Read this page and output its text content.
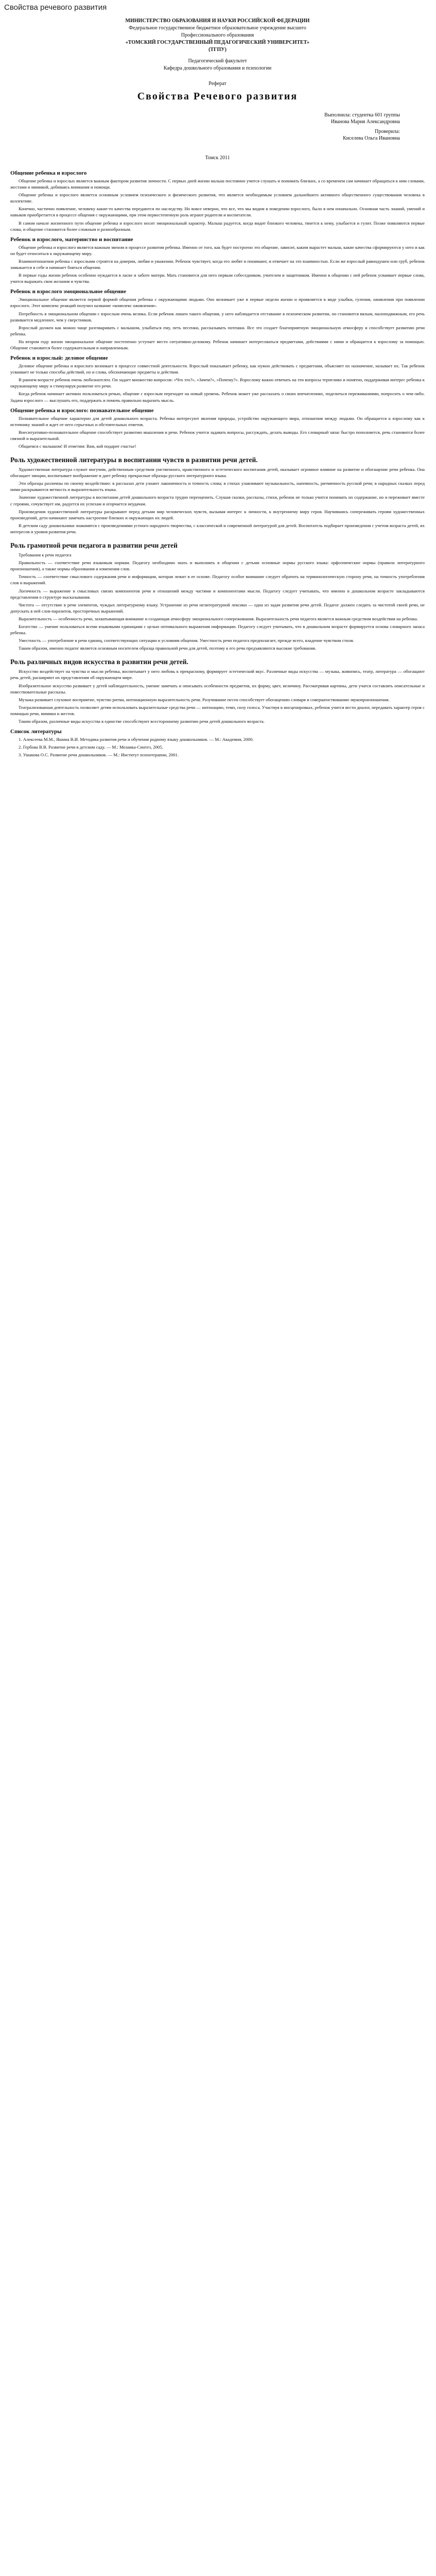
Свойства речевого развития

МИНИСТЕРСТВО ОБРАЗОВАНИЯ И НАУКИ РОССИЙСКОЙ ФЕДЕРАЦИИ

Федеральное государственное бюджетное образовательное учреждение высшего

Профессионального образования

«ТОМСКИЙ ГОСУДАРСТВЕННЫЙ ПЕДАГОГИЧЕСКИЙ УНИВЕРСИТЕТ»

(ТГПУ)

Педагогический факультет

Кафедра дошкольного образования и психологии

Реферат

Свойства Речевого развития

Выполнила: студентка 601 группы

Иванова Мария Александровна

Проверила:

Киселева Ольга Ивановна

Томск 2011

Общение ребенка и взрослого

Общение ребенка и взрослых является важным фактором развития личности. С первых дней жизни малыш постоянно учится слушать и понимать близких, а со временем сам начинает обращаться к ним словами, жестами и мимикой, добиваясь внимания и помощи.

Общение ребенка и взрослого является основным условием психического и физического развития, что является необходимым условием дальнейшего активного общественного существования человека в коллективе.

Конечно, частично появление, человеку какие-то качества передаются по наследству. Но вовсе неверно, что все, что мы видим в поведении взрослого, было в нем изначально. Основная часть знаний, умений и навыков приобретается в процессе общения с окружающими, при этом первостепенную роль играют родители и воспитатели.

В самом начале жизненного пути общение ребенка и взрослого носит эмоциональный характер. Малыш радуется, когда видит близкого человека, тянется к нему, улыбается и гулит. Позже появляются первые слова, и общение становится более сложным и разнообразным.

Ребенок и взрослого, материнство и воспитание

Общение ребенка и взрослого является важным звеном в процессе развития ребенка. Именно от того, как будет построено это общение, зависит, каким вырастет малыш, какие качества сформируются у него и как он будет относиться к окружающему миру.

Взаимоотношения ребенка с взрослыми строятся на доверии, любви и уважении. Ребенок чувствует, когда его любят и понимают, и отвечает на это взаимностью. Если же взрослый равнодушен или груб, ребенок замыкается в себе и начинает бояться общения.

В первые годы жизни ребенок особенно нуждается в ласке и заботе матери. Мать становится для него первым собеседником, учителем и защитником. Именно в общении с ней ребенок усваивает первые слова, учится выражать свои желания и чувства.

Ребенок и взрослого эмоциональное общение

Эмоциональное общение является первой формой общения ребенка с окружающими людьми. Оно возникает уже в первые недели жизни и проявляется в виде улыбки, гуления, оживления при появлении взрослого. Этот комплекс реакций получил название «комплекс оживления».

Потребность в эмоциональном общении с взрослым очень велика. Если ребенок лишен такого общения, у него наблюдается отставание в психическом развитии, он становится вялым, малоподвижным, его речь развивается медленнее, чем у сверстников.

Взрослый должен как можно чаще разговаривать с малышом, улыбаться ему, петь песенки, рассказывать потешки. Все это создает благоприятную эмоциональную атмосферу и способствует развитию речи ребенка.

На втором году жизни эмоциональное общение постепенно уступает место ситуативно-деловому. Ребенок начинает интересоваться предметами, действиями с ними и обращается к взрослому за помощью. Общение становится более содержательным и направленным.

Ребенок и взрослый: деловое общение

Деловое общение ребенка и взрослого возникает в процессе совместной деятельности. Взрослый показывает ребенку, как нужно действовать с предметами, объясняет их назначение, называет их. Так ребенок усваивает не только способы действий, но и слова, обозначающие предметы и действия.

В раннем возрасте ребенок очень любознателен. Он задает множество вопросов: «Что это?», «Зачем?», «Почему?». Взрослому важно отвечать на эти вопросы терпеливо и понятно, поддерживая интерес ребенка к окружающему миру и стимулируя развитие его речи.

Когда ребенок начинает активно пользоваться речью, общение с взрослым переходит на новый уровень. Ребенок может уже рассказать о своих впечатлениях, поделиться переживаниями, попросить о чем-либо. Задача взрослого — выслушать его, поддержать и помочь правильно выразить мысль.

Общение ребенка и взрослого: познавательное общение

Познавательное общение характерно для детей дошкольного возраста. Ребенка интересуют явления природы, устройство окружающего мира, отношения между людьми. Он обращается к взрослому как к источнику знаний и ждет от него серьезных и обстоятельных ответов.

Внеситуативно-познавательное общение способствует развитию мышления и речи. Ребенок учится задавать вопросы, рассуждать, делать выводы. Его словарный запас быстро пополняется, речь становится более связной и выразительной.

Общаемся с малышом! И отметим: Вам, кой подарит счастье!

Роль художественной литературы в воспитании чувств в развитии речи детей.

Художественная литература служит могучим, действенным средством умственного, нравственного и эстетического воспитания детей, оказывает огромное влияние на развитие и обогащение речи ребенка. Она обогащает эмоции, воспитывает воображение и дает ребенку прекрасные образцы русского литературного языка.

Эти образцы различны по своему воздействию: в рассказах дети узнают лаконичность и точность слова; в стихах улавливают музыкальность, напевность, ритмичность русской речи; в народных сказках перед ними раскрываются меткость и выразительность языка.

Значение художественной литературы в воспитании детей дошкольного возраста трудно переоценить. Слушая сказки, рассказы, стихи, ребенок не только учится понимать их содержание, но и переживает вместе с героями, сочувствует им, радуется их успехам и огорчается неудачам.

Произведения художественной литературы раскрывают перед детьми мир человеческих чувств, вызывая интерес к личности, к внутреннему миру героя. Научившись сопереживать героям художественных произведений, дети начинают замечать настроение близких и окружающих их людей.

В детском саду дошкольники знакомятся с произведениями устного народного творчества, с классической и современной литературой для детей. Воспитатель подбирает произведения с учетом возраста детей, их интересов и уровня развития речи.

Роль грамотной речи педагога в развитии речи детей

Требования к речи педагога

Правильность — соответствие речи языковым нормам. Педагогу необходимо знать и выполнять в общении с детьми основные нормы русского языка: орфоэпические нормы (правила литературного произношения), а также нормы образования и изменения слов.

Точность — соответствие смыслового содержания речи и информации, которая лежит в ее основе. Педагогу особое внимание следует обратить на терминологическую сторону речи, на точность употребления слов и выражений.

Логичность — выражение в смысловых связях компонентов речи и отношений между частями и компонентами мысли. Педагогу следует учитывать, что именно в дошкольном возрасте закладываются представления о структуре высказывания.

Чистота — отсутствие в речи элементов, чуждых литературному языку. Устранение из речи нелитературной лексики — одна из задач развития речи детей. Педагог должен следить за чистотой своей речи, не допускать в ней слов-паразитов, просторечных выражений.

Выразительность — особенность речи, захватывающая внимание и создающая атмосферу эмоционального сопереживания. Выразительность речи педагога является важным средством воздействия на ребенка.

Богатство — умение пользоваться всеми языковыми единицами с целью оптимального выражения информации. Педагогу следует учитывать, что в дошкольном возрасте формируется основа словарного запаса ребенка.

Уместность — употребление в речи единиц, соответствующих ситуации и условиям общения. Уместность речи педагога предполагает, прежде всего, владение чувством стиля.

Таким образом, именно педагог является основным носителем образца правильной речи для детей, поэтому к его речи предъявляются высокие требования.

Роль различных видов искусства в развитии речи детей.

Искусство воздействует на чувства и мысли ребенка, воспитывает у него любовь к прекрасному, формирует эстетический вкус. Различные виды искусства — музыка, живопись, театр, литература — обогащают речь детей, расширяют их представления об окружающем мире.

Изобразительное искусство развивает у детей наблюдательность, умение замечать и описывать особенности предметов, их форму, цвет, величину. Рассматривая картины, дети учатся составлять описательные и повествовательные рассказы.

Музыка развивает слуховое восприятие, чувство ритма, интонационную выразительность речи. Разучивание песен способствует обогащению словаря и совершенствованию звукопроизношения.

Театрализованная деятельность позволяет детям использовать выразительные средства речи — интонацию, темп, силу голоса. Участвуя в инсценировках, ребенок учится вести диалог, передавать характер героя с помощью речи, мимики и жестов.

Таким образом, различные виды искусства в единстве способствуют всестороннему развитию речи детей дошкольного возраста.

Список литературы

1. Алексеева М.М., Яшина В.И. Методика развития речи и обучения родному языку дошкольников. — М.: Академия, 2000.

2. Гербова В.В. Развитие речи в детском саду. — М.: Мозаика-Синтез, 2005.

3. Ушакова О.С. Развитие речи дошкольников. — М.: Институт психотерапии, 2001.
